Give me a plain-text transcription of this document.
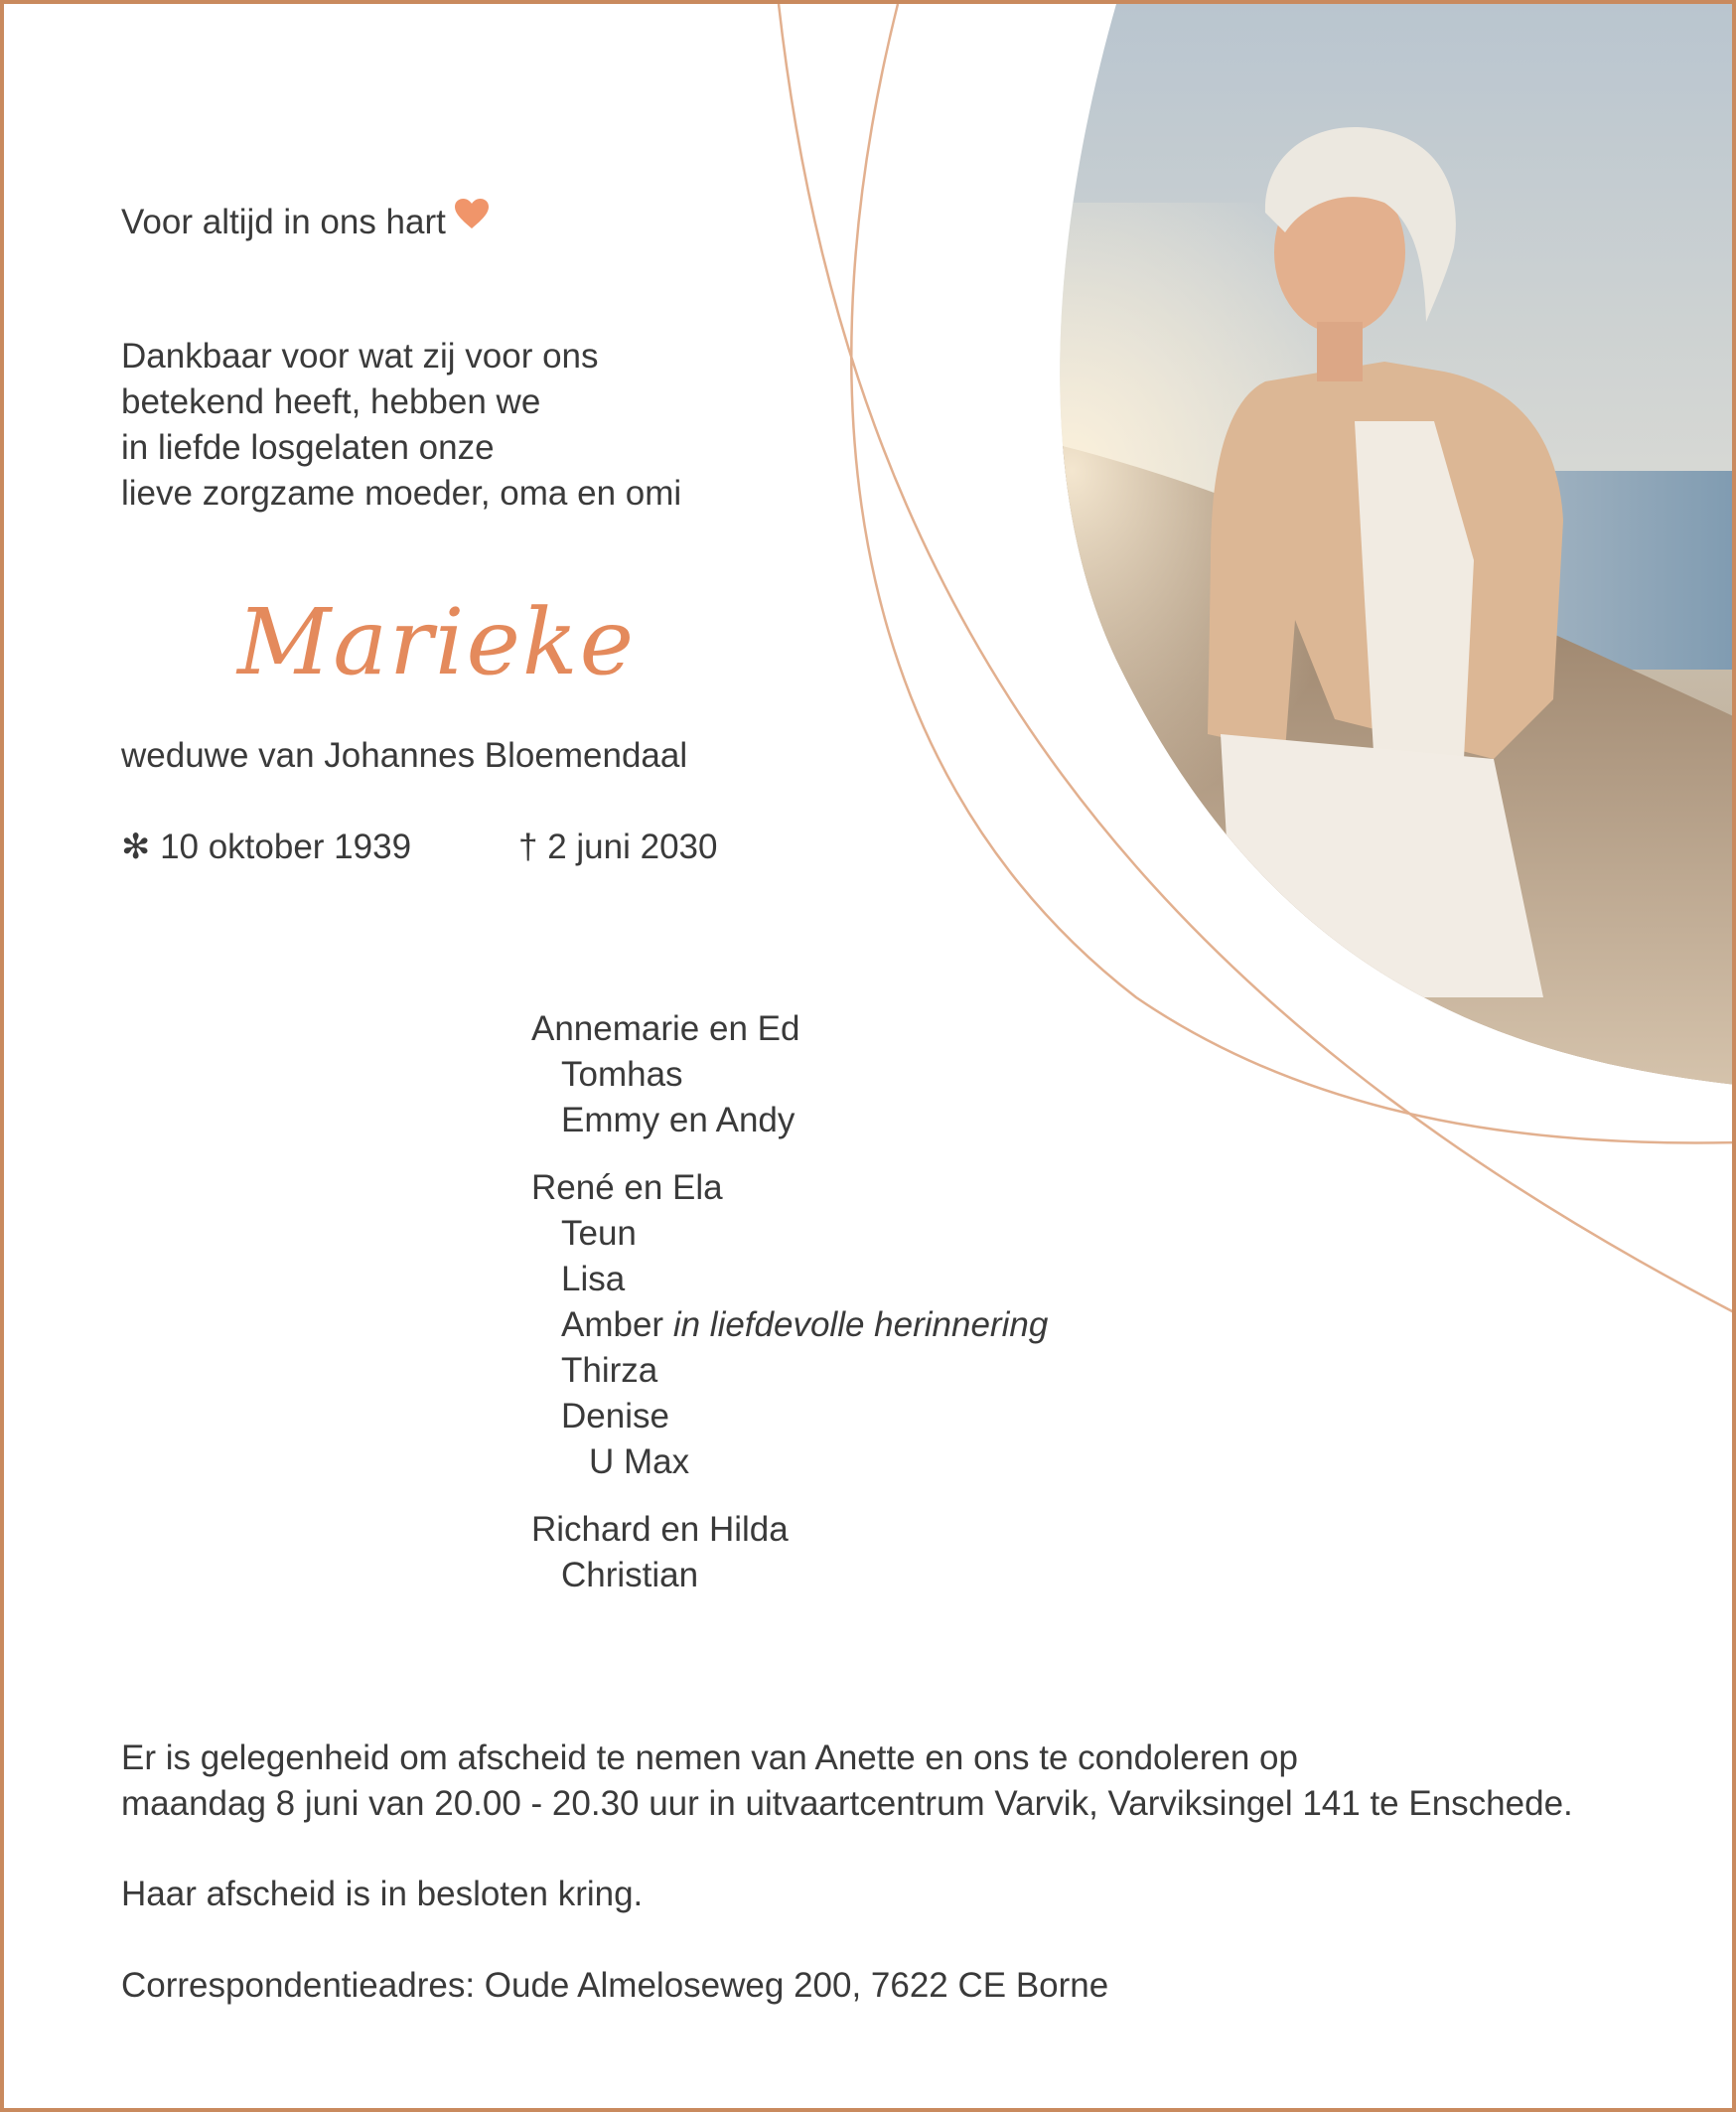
Voor altijd in ons hart
Dankbaar voor wat zij voor ons
betekend heeft, hebben we
in liefde losgelaten onze
lieve zorgzame moeder, oma en omi
Marieke
weduwe van Johannes Bloemendaal
✻ 10 oktober 1939	† 2 juni 2030
Annemarie en Ed
Tomhas
Emmy en Andy
René en Ela
Teun
Lisa
Amber in liefdevolle herinnering
Thirza
Denise
U Max
Richard en Hilda
Christian
Er is gelegenheid om afscheid te nemen van Anette en ons te condoleren op
maandag 8 juni van 20.00 - 20.30 uur in uitvaartcentrum Varvik, Varviksingel 141 te Enschede.
Haar afscheid is in besloten kring.
Correspondentieadres: Oude Almeloseweg 200, 7622 CE Borne
